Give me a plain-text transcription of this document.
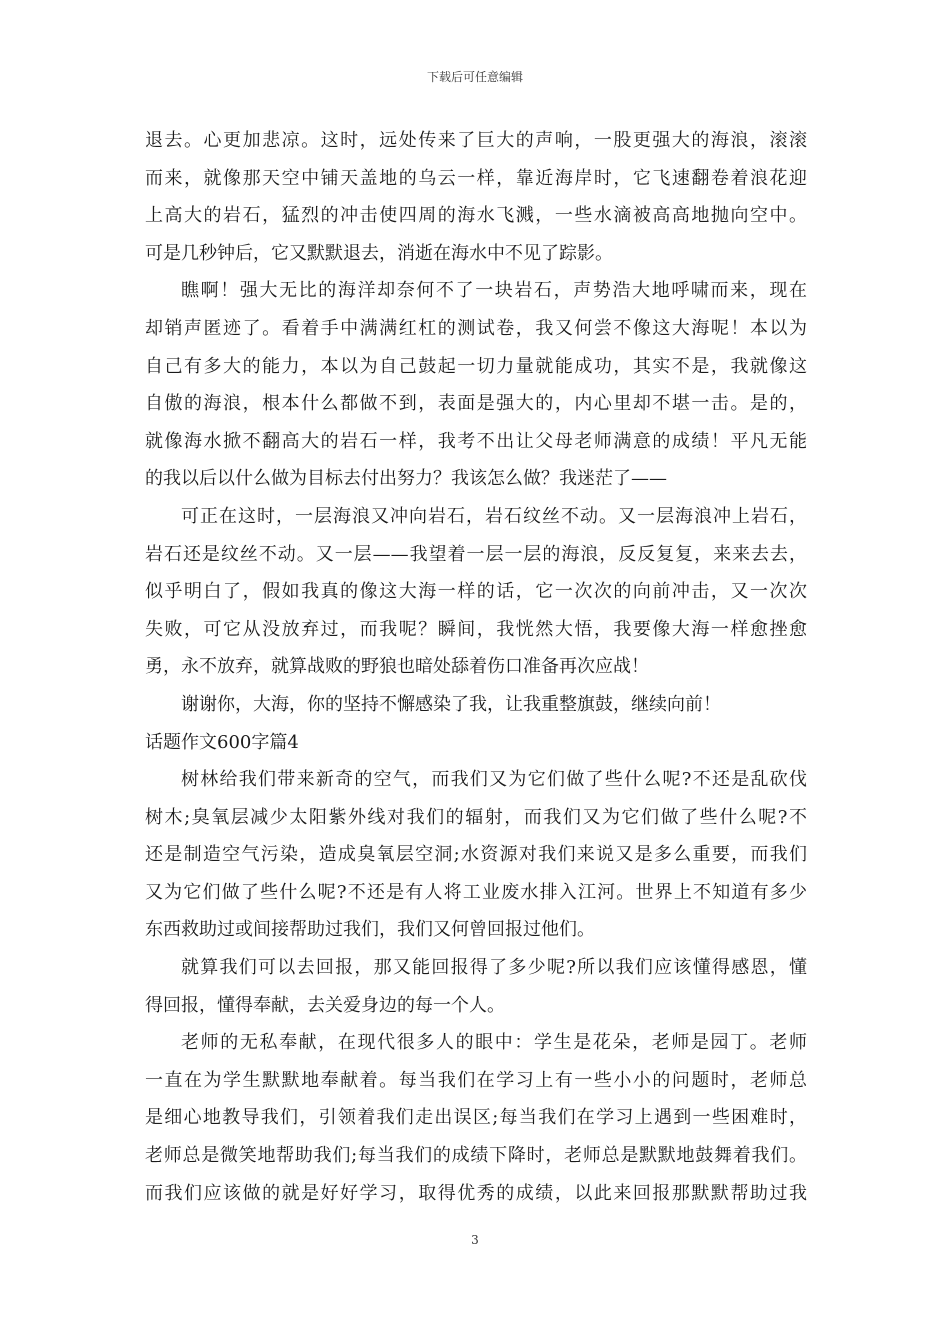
下载后可任意编辑
退去。心更加悲凉。这时，远处传来了巨大的声响，一股更强大的海浪，滚滚
而来，就像那天空中铺天盖地的乌云一样，靠近海岸时，它飞速翻卷着浪花迎
上高大的岩石，猛烈的冲击使四周的海水飞溅，一些水滴被高高地抛向空中。
可是几秒钟后，它又默默退去，消逝在海水中不见了踪影。
瞧啊！强大无比的海洋却奈何不了一块岩石，声势浩大地呼啸而来，现在
却销声匿迹了。看着手中满满红杠的测试卷，我又何尝不像这大海呢！本以为
自己有多大的能力，本以为自己鼓起一切力量就能成功，其实不是，我就像这
自傲的海浪，根本什么都做不到，表面是强大的，内心里却不堪一击。是的，
就像海水掀不翻高大的岩石一样，我考不出让父母老师满意的成绩！平凡无能
的我以后以什么做为目标去付出努力？我该怎么做？我迷茫了——
可正在这时，一层海浪又冲向岩石，岩石纹丝不动。又一层海浪冲上岩石，
岩石还是纹丝不动。又一层——我望着一层一层的海浪，反反复复，来来去去，
似乎明白了，假如我真的像这大海一样的话，它一次次的向前冲击，又一次次
失败，可它从没放弃过，而我呢？瞬间，我恍然大悟，我要像大海一样愈挫愈
勇，永不放弃，就算战败的野狼也暗处舔着伤口准备再次应战！
谢谢你，大海，你的坚持不懈感染了我，让我重整旗鼓，继续向前！
话题作文600字篇4
树林给我们带来新奇的空气，而我们又为它们做了些什么呢?不还是乱砍伐
树木;臭氧层减少太阳紫外线对我们的辐射，而我们又为它们做了些什么呢?不
还是制造空气污染，造成臭氧层空洞;水资源对我们来说又是多么重要，而我们
又为它们做了些什么呢?不还是有人将工业废水排入江河。世界上不知道有多少
东西救助过或间接帮助过我们，我们又何曾回报过他们。
就算我们可以去回报，那又能回报得了多少呢?所以我们应该懂得感恩，懂
得回报，懂得奉献，去关爱身边的每一个人。
老师的无私奉献，在现代很多人的眼中：学生是花朵，老师是园丁。老师
一直在为学生默默地奉献着。每当我们在学习上有一些小小的问题时，老师总
是细心地教导我们，引领着我们走出误区;每当我们在学习上遇到一些困难时，
老师总是微笑地帮助我们;每当我们的成绩下降时，老师总是默默地鼓舞着我们。
而我们应该做的就是好好学习，取得优秀的成绩，以此来回报那默默帮助过我
3
